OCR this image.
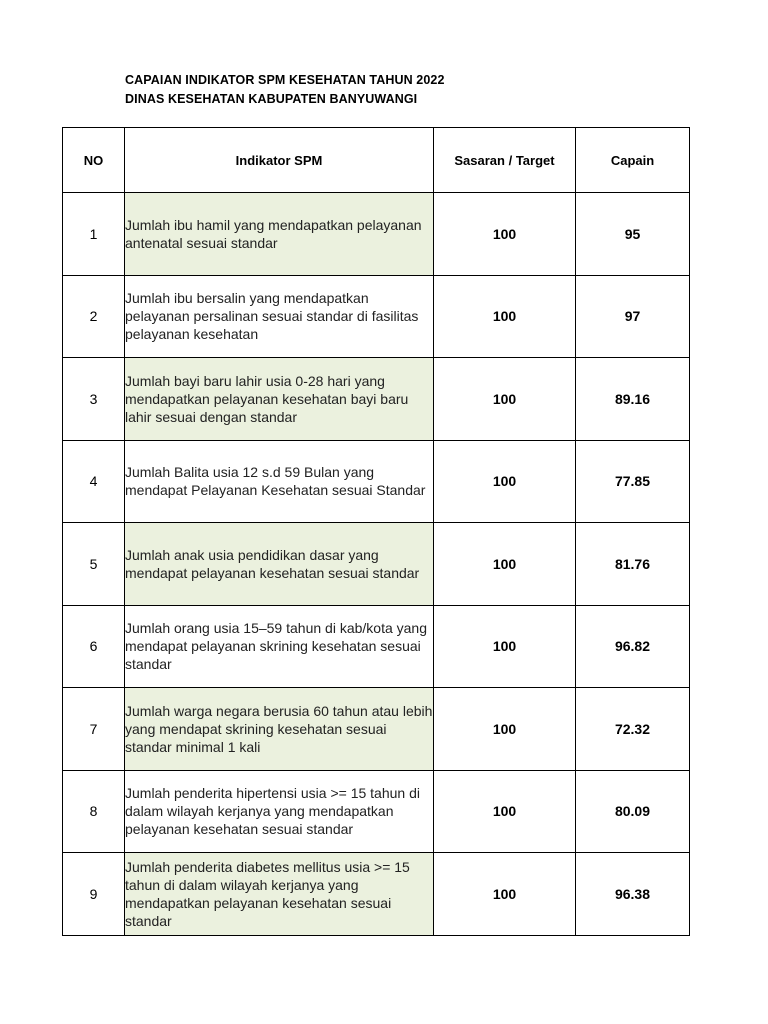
CAPAIAN INDIKATOR SPM KESEHATAN TAHUN 2022
DINAS KESEHATAN KABUPATEN BANYUWANGI
NO	Indikator SPM	Sasaran / Target	Capain
1	Jumlah ibu hamil yang mendapatkan pelayanan antenatal sesuai standar	100	95
2	Jumlah ibu bersalin yang mendapatkan pelayanan persalinan sesuai standar di fasilitas pelayanan kesehatan	100	97
3	Jumlah bayi baru lahir usia 0-28 hari yang mendapatkan pelayanan kesehatan bayi baru lahir sesuai dengan standar	100	89.16
4	Jumlah Balita usia 12 s.d 59 Bulan yang mendapat Pelayanan Kesehatan sesuai Standar	100	77.85
5	Jumlah anak usia pendidikan dasar yang mendapat pelayanan kesehatan sesuai standar	100	81.76
6	Jumlah orang usia 15–59 tahun di kab/kota yang mendapat pelayanan skrining kesehatan sesuai standar	100	96.82
7	Jumlah warga negara berusia 60 tahun atau lebih yang mendapat skrining kesehatan sesuai standar minimal 1 kali	100	72.32
8	Jumlah penderita hipertensi usia >= 15 tahun di dalam wilayah kerjanya yang mendapatkan pelayanan kesehatan sesuai standar	100	80.09
9	Jumlah penderita diabetes mellitus usia >= 15 tahun di dalam wilayah kerjanya yang mendapatkan pelayanan kesehatan sesuai standar	100	96.38
